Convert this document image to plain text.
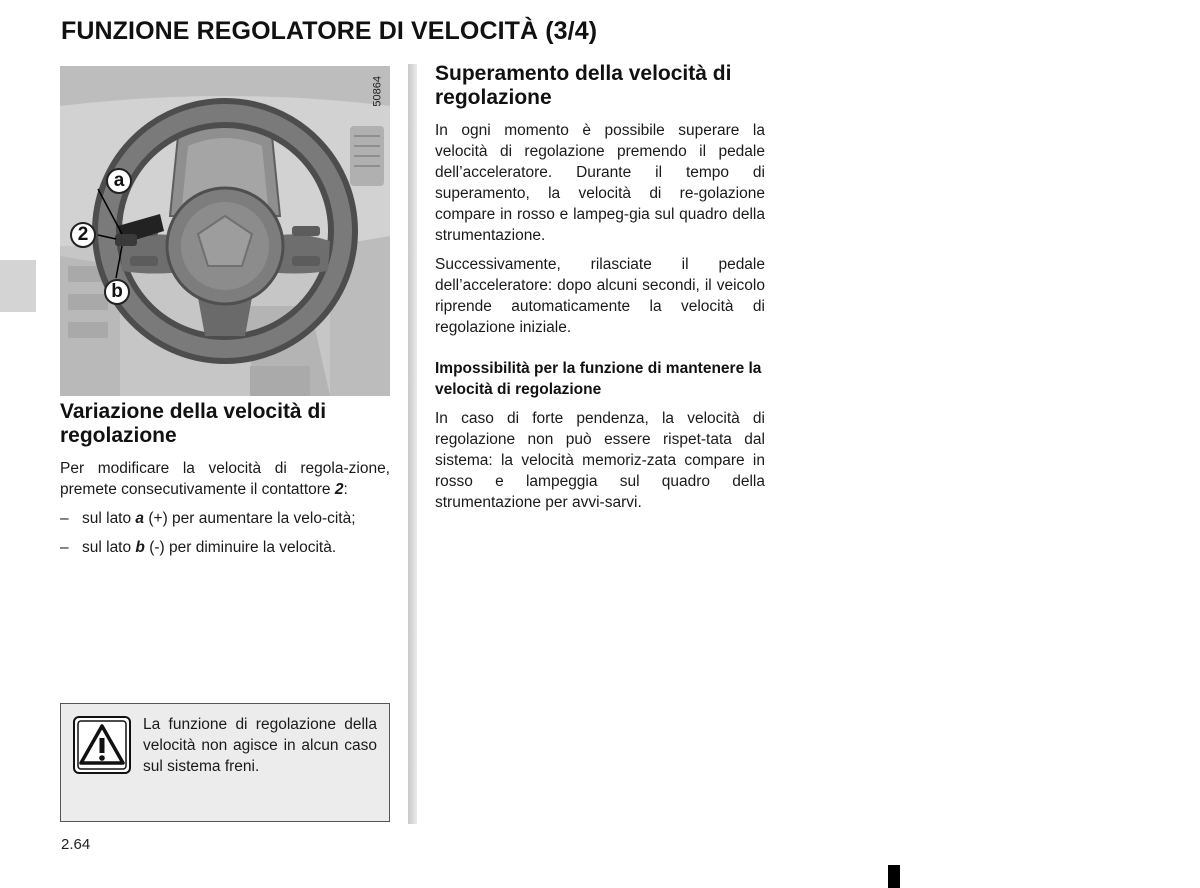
FUNZIONE REGOLATORE DI VELOCITÀ (3/4)
50864
a
2
b
Variazione della velocità di regolazione

Per modificare la velocità di regola-zione, premete consecutivamente il contattore 2:

– sul lato a (+) per aumentare la velo-cità;
– sul lato b (-) per diminuire la velocità.
Superamento della velocità di regolazione

In ogni momento è possibile superare la velocità di regolazione premendo il pedale dell’acceleratore. Durante il tempo di superamento, la velocità di re-golazione compare in rosso e lampeg-gia sul quadro della strumentazione.

Successivamente, rilasciate il pedale dell’acceleratore: dopo alcuni secondi, il veicolo riprende automaticamente la velocità di regolazione iniziale.

Impossibilità per la funzione di mantenere la velocità di regolazione

In caso di forte pendenza, la velocità di regolazione non può essere rispet-tata dal sistema: la velocità memoriz-zata compare in rosso e lampeggia sul quadro della strumentazione per avvi-sarvi.

La funzione di regolazione della velocità non agisce in alcun caso sul sistema freni.
2.64
